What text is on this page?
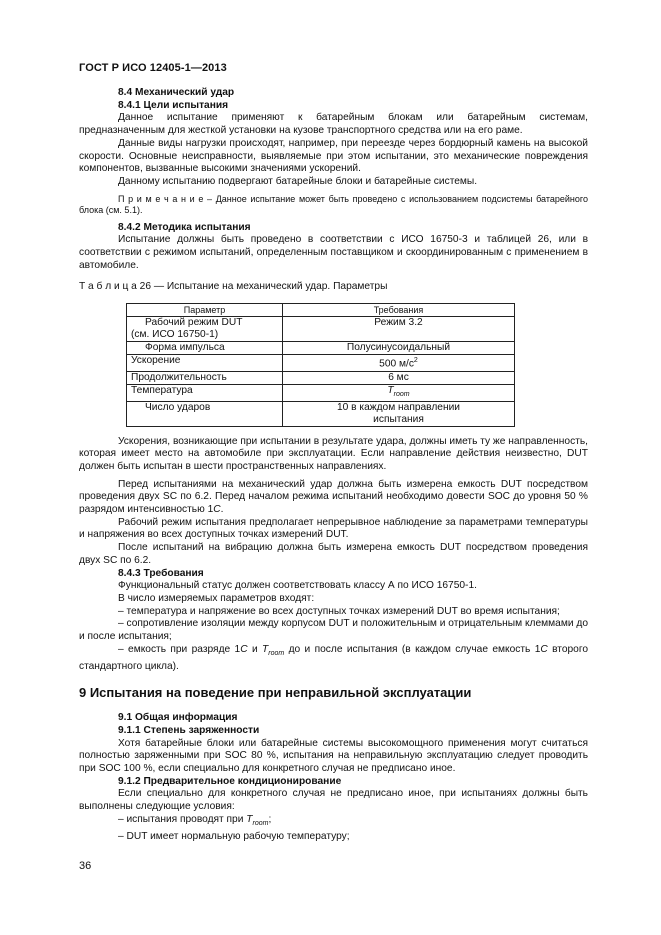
ГОСТ Р ИСО 12405-1—2013

8.4 Механический удар

8.4.1 Цели испытания

Данное испытание применяют к батарейным блокам или батарейным системам, предназначенным для жесткой установки на кузове транспортного средства или на его раме.

Данные виды нагрузки происходят, например, при переезде через бордюрный камень на высокой скорости. Основные неисправности, выявляемые при этом испытании, это механические повреждения компонентов, вызванные высокими значениями ускорений.

Данному испытанию подвергают батарейные блоки и батарейные системы.

П р и м е ч а н и е – Данное испытание может быть проведено с использованием подсистемы батарейного блока (см. 5.1).

8.4.2 Методика испытания

Испытание должны быть проведено в соответствии с ИСО 16750-3 и таблицей 26, или в соответствии с режимом испытаний, определенным поставщиком и скоординированным с применением в автомобиле.

Т а б л и ц а 26 — Испытание на механический удар. Параметры

Параметр	Требования

Рабочий режим DUT
(см. ИСО 16750-1)	Режим 3.2
Форма импульса	Полусинусоидальный
Ускорение	500 $м/с^2$
Продолжительность	6 мс
Температура	$T_{room}$
Число ударов	10 в каждом направлении
испытания

Ускорения, возникающие при испытании в результате удара, должны иметь ту же направленность, которая имеет место на автомобиле при эксплуатации. Если направление действия неизвестно, DUT должен быть испытан в шести пространственных направлениях.

Перед испытаниями на механический удар должна быть измерена емкость DUT посредством проведения двух SC по 6.2. Перед началом режима испытаний необходимо довести SOC до уровня 50 % разрядом интенсивностью 1C.

Рабочий режим испытания предполагает непрерывное наблюдение за параметрами температуры и напряжения во всех доступных точках измерений DUT.

После испытаний на вибрацию должна быть измерена емкость DUT посредством проведения двух SC по 6.2.

8.4.3 Требования

Функциональный статус должен соответствовать классу А по ИСО 16750-1.

В число измеряемых параметров входят:

– температура и напряжение во всех доступных точках измерений DUT во время испытания;

– сопротивление изоляции между корпусом DUT и положительным и отрицательным клеммами до и после испытания;

– емкость при разряде 1C и $T_{room}$ до и после испытания (в каждом случае емкость 1C второго стандартного цикла).

9 Испытания на поведение при неправильной эксплуатации

9.1 Общая информация

9.1.1 Степень заряженности

Хотя батарейные блоки или батарейные системы высокомощного применения могут считаться полностью заряженными при SOC 80 %, испытания на неправильную эксплуатацию следует проводить при SOC 100 %, если специально для конкретного случая не предписано иное.

9.1.2 Предварительное кондиционирование

Если специально для конкретного случая не предписано иное, при испытаниях должны быть выполнены следующие условия:

– испытания проводят при $T_{room}$;

– DUT имеет нормальную рабочую температуру;

36
